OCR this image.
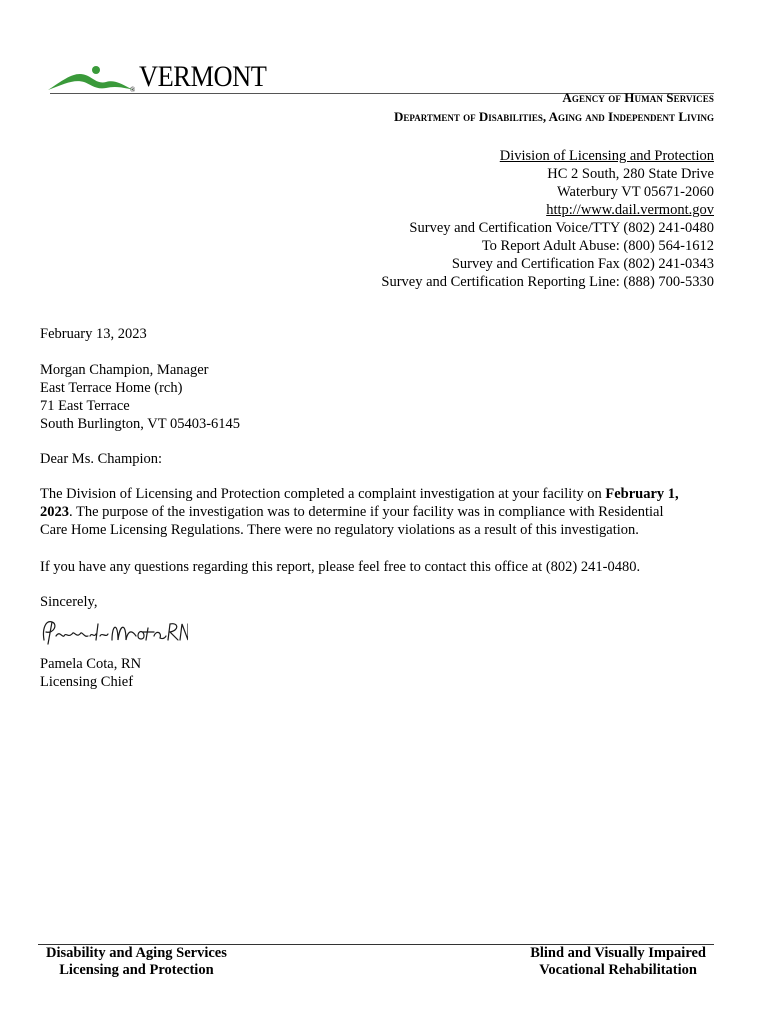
VERMONT
®	Agency of Human Services
Department of Disabilities, Aging and Independent Living
Division of Licensing and Protection
HC 2 South, 280 State Drive
Waterbury VT 05671-2060
http://www.dail.vermont.gov
Survey and Certification Voice/TTY (802) 241-0480
To Report Adult Abuse: (800) 564-1612
Survey and Certification Fax (802) 241-0343
Survey and Certification Reporting Line: (888) 700-5330
February 13, 2023
Morgan Champion, Manager
East Terrace Home (rch)
71 East Terrace
South Burlington, VT 05403-6145
Dear Ms. Champion:
The Division of Licensing and Protection completed a complaint investigation at your facility on February 1,
2023. The purpose of the investigation was to determine if your facility was in compliance with Residential
Care Home Licensing Regulations. There were no regulatory violations as a result of this investigation.
If you have any questions regarding this report, please feel free to contact this office at (802) 241-0480.
Sincerely,
Pamela Cota, RN
Licensing Chief
Disability and Aging Services
Licensing and Protection
Blind and Visually Impaired
Vocational Rehabilitation
